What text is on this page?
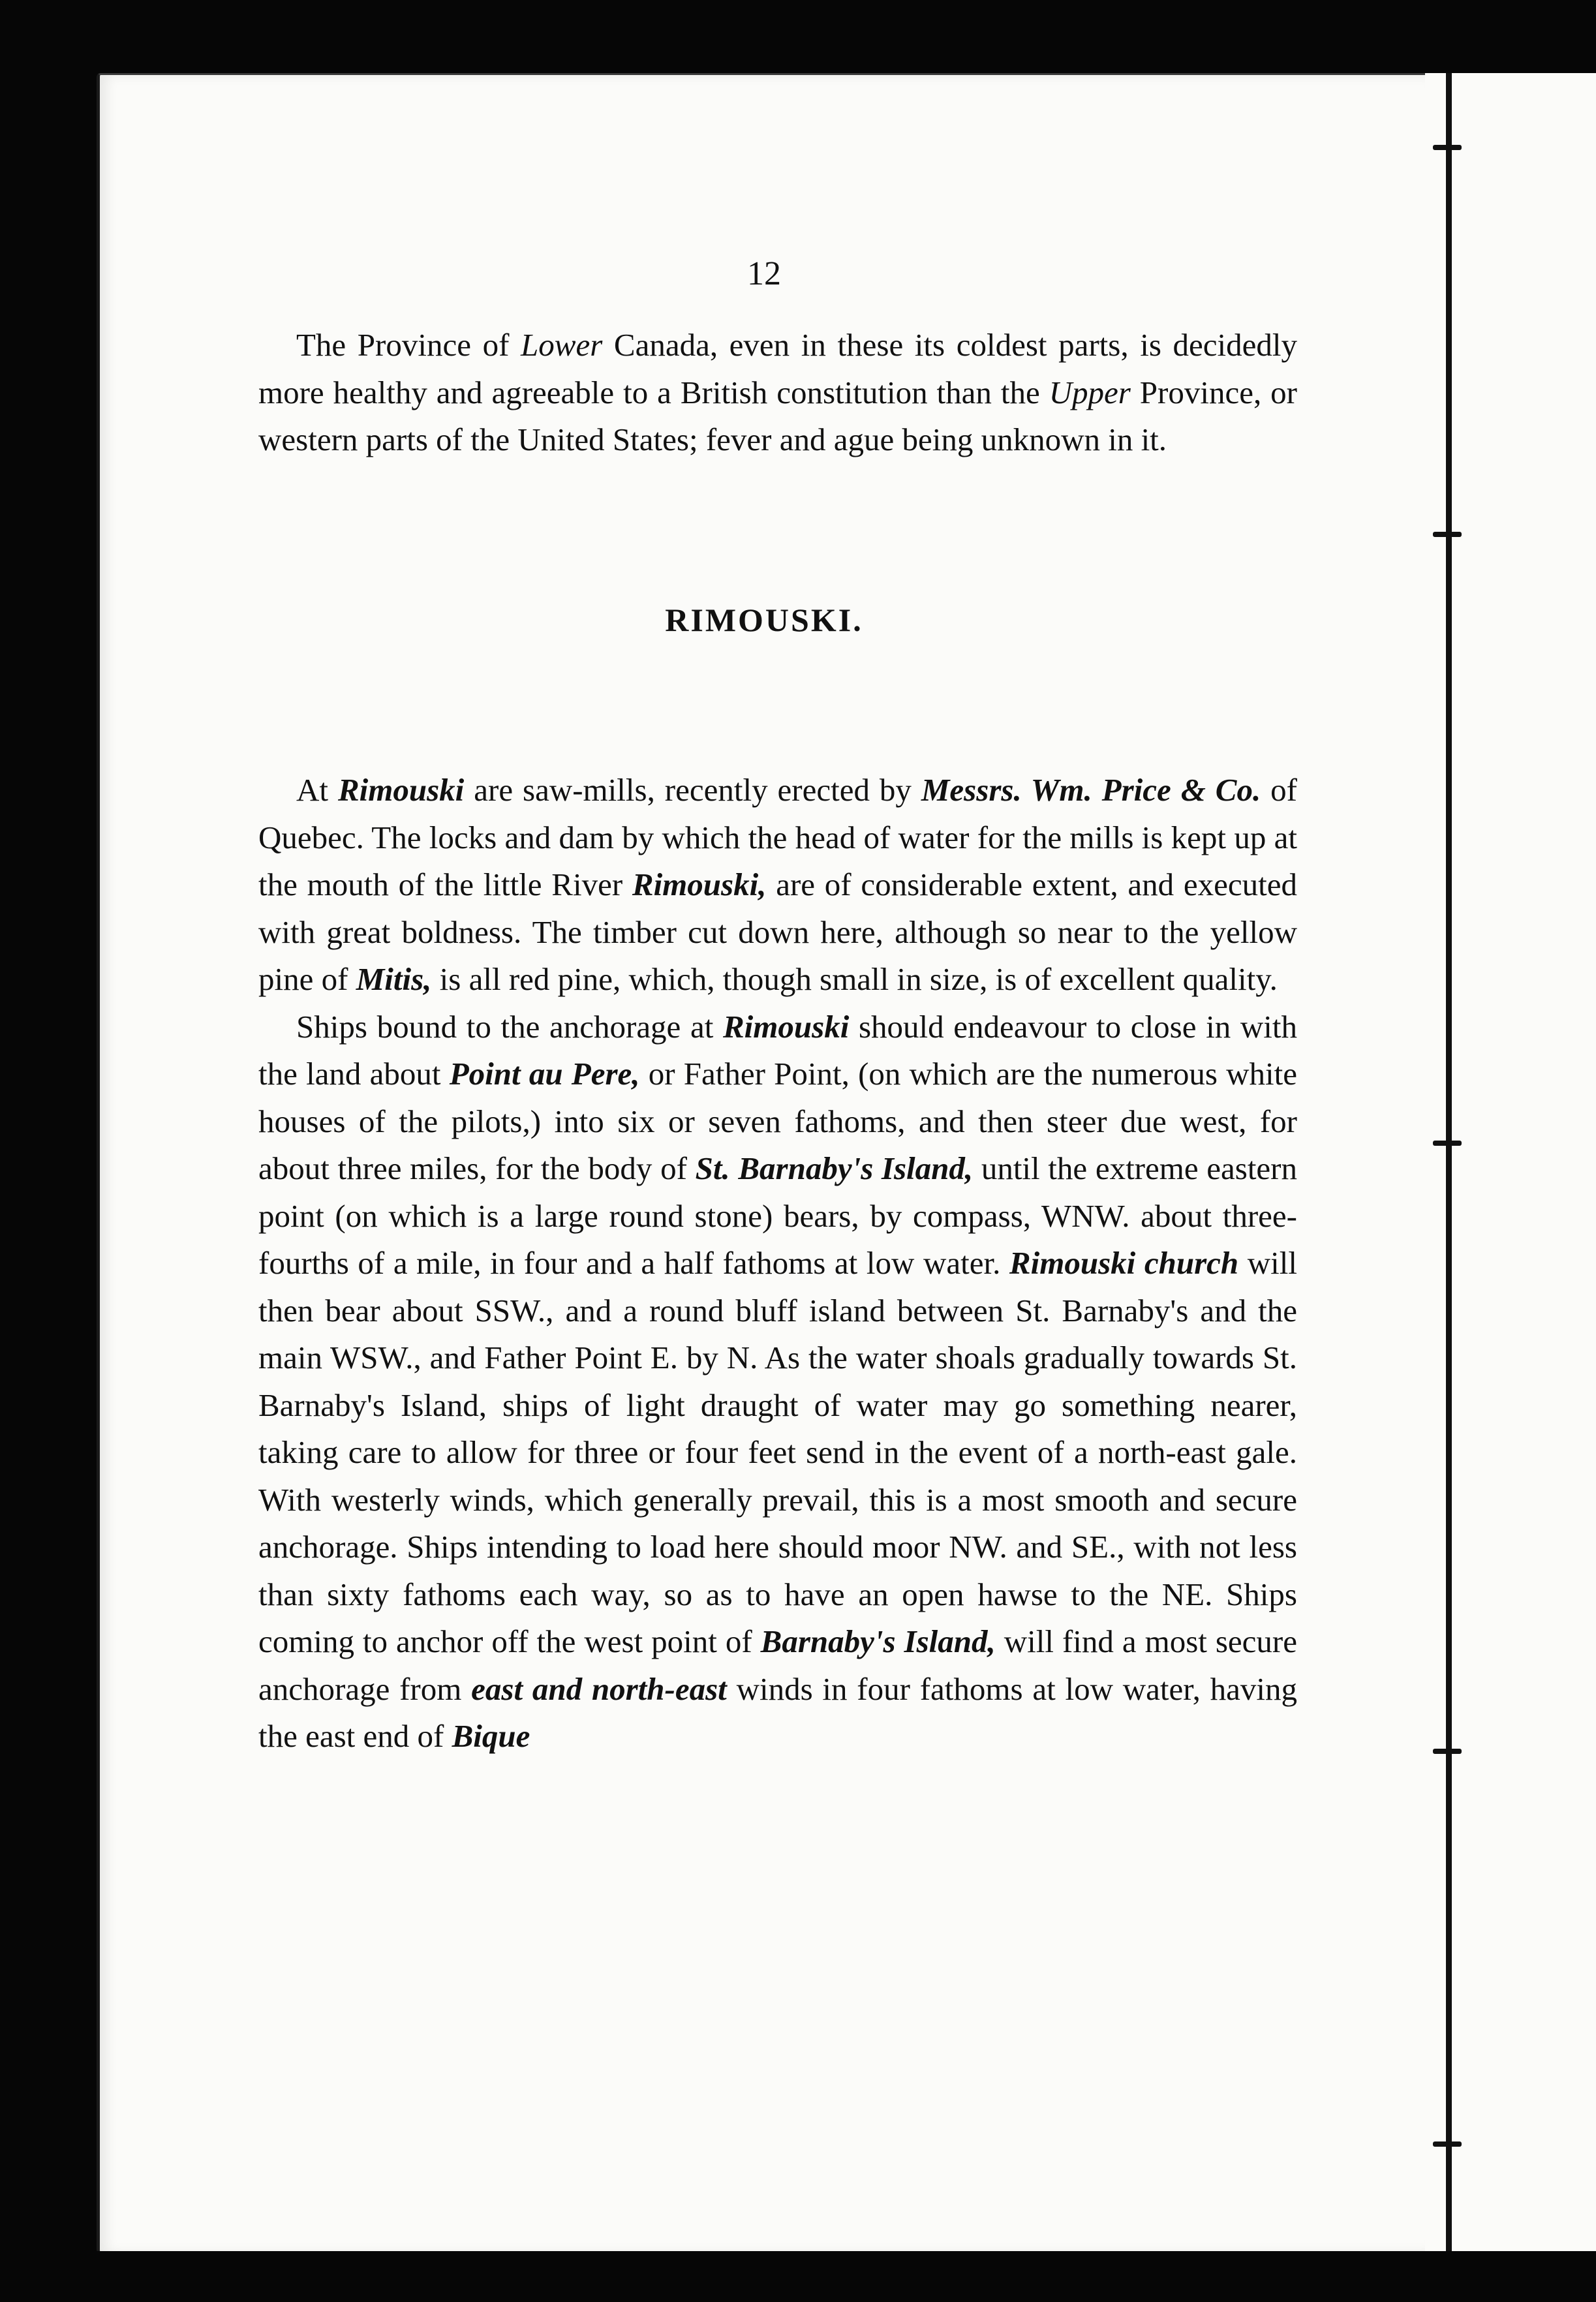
12

The Province of Lower Canada, even in these its coldest parts, is decidedly more healthy and agreeable to a British constitution than the Upper Province, or western parts of the United States; fever and ague being unknown in it.

RIMOUSKI.

At Rimouski are saw-mills, recently erected by Messrs. Wm. Price & Co. of Quebec. The locks and dam by which the head of water for the mills is kept up at the mouth of the little River Rimouski, are of considerable extent, and executed with great boldness. The timber cut down here, although so near to the yellow pine of Mitis, is all red pine, which, though small in size, is of excellent quality.

Ships bound to the anchorage at Rimouski should endeavour to close in with the land about Point au Pere, or Father Point, (on which are the numerous white houses of the pilots,) into six or seven fathoms, and then steer due west, for about three miles, for the body of St. Barnaby's Island, until the extreme eastern point (on which is a large round stone) bears, by compass, WNW. about three-fourths of a mile, in four and a half fathoms at low water. Rimouski church will then bear about SSW., and a round bluff island between St. Barnaby's and the main WSW., and Father Point E. by N. As the water shoals gradually towards St. Barnaby's Island, ships of light draught of water may go something nearer, taking care to allow for three or four feet send in the event of a north-east gale. With westerly winds, which generally prevail, this is a most smooth and secure anchorage. Ships intending to load here should moor NW. and SE., with not less than sixty fathoms each way, so as to have an open hawse to the NE. Ships coming to anchor off the west point of Barnaby's Island, will find a most secure anchorage from east and north-east winds in four fathoms at low water, having the east end of Bique
